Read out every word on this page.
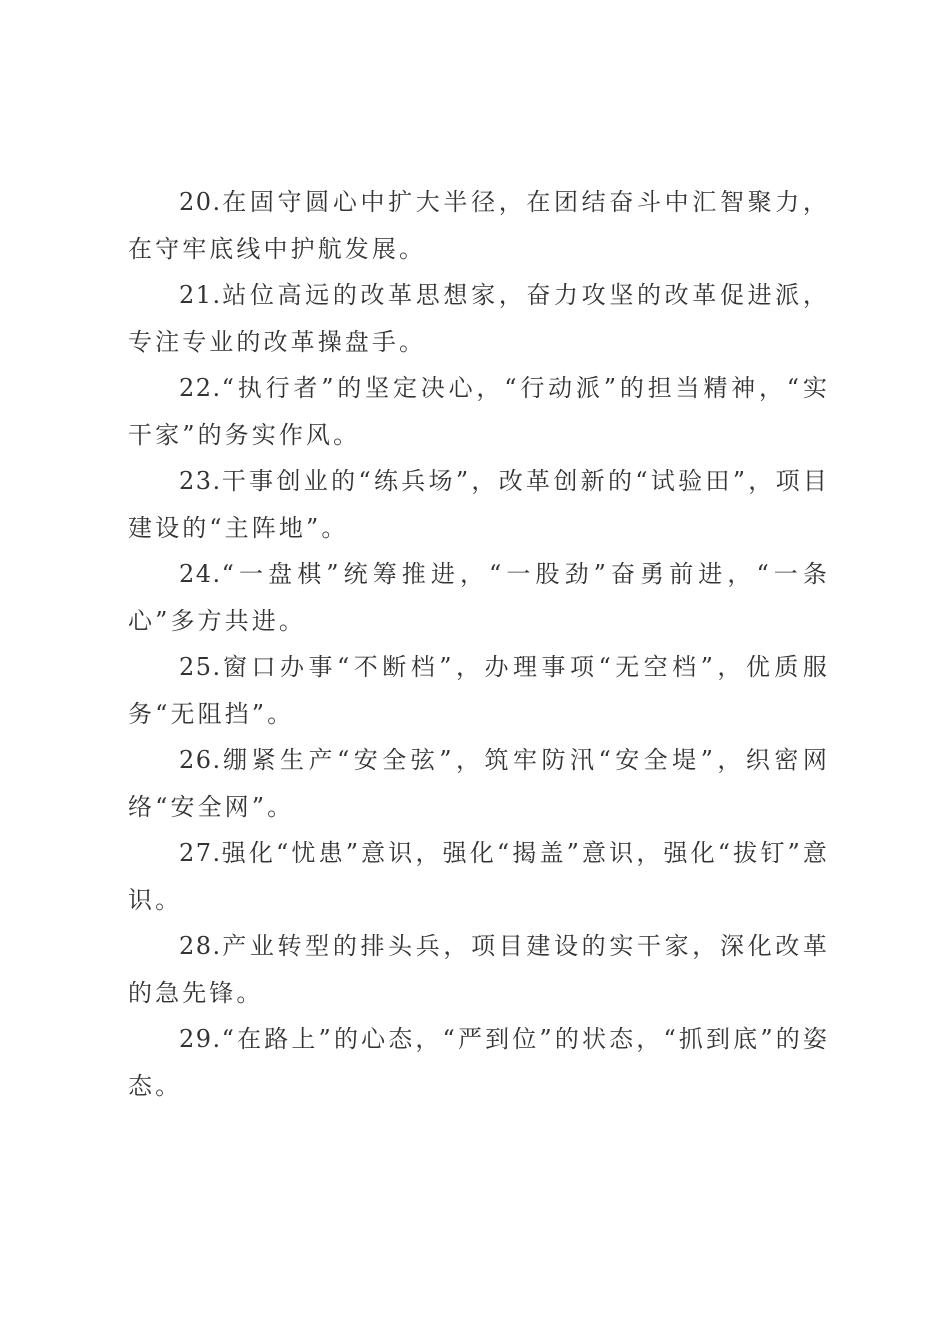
20.在固守圆心中扩大半径，在团结奋斗中汇智聚力，在守牢底线中护航发展。

21.站位高远的改革思想家，奋力攻坚的改革促进派，专注专业的改革操盘手。

22.“执行者”的坚定决心，“行动派”的担当精神，“实干家”的务实作风。

23.干事创业的“练兵场”，改革创新的“试验田”，项目建设的“主阵地”。

24.“一盘棋”统筹推进，“一股劲”奋勇前进，“一条心”多方共进。

25.窗口办事“不断档”，办理事项“无空档”，优质服务“无阻挡”。

26.绷紧生产“安全弦”，筑牢防汛“安全堤”，织密网络“安全网”。

27.强化“忧患”意识，强化“揭盖”意识，强化“拔钉”意识。

28.产业转型的排头兵，项目建设的实干家，深化改革的急先锋。

29.“在路上”的心态，“严到位”的状态，“抓到底”的姿态。
